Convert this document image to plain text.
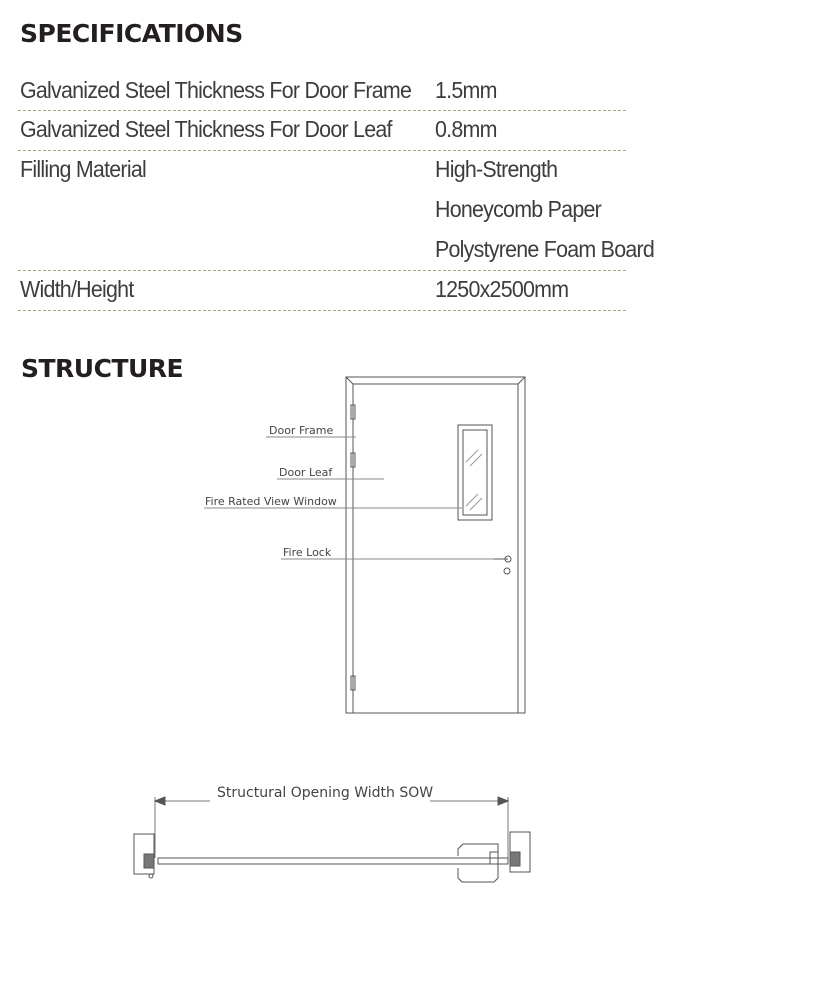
SPECIFICATIONS
Galvanized Steel Thickness For Door Frame 1.5mm
Galvanized Steel Thickness For Door Leaf 0.8mm
Filling Material	High-Strength
Honeycomb Paper
Polystyrene Foam Board
Width/Height	1250x2500mm
STRUCTURE
Door Frame
Door Leaf
Fire Rated View Window
Fire Lock
Structural Opening Width SOW
